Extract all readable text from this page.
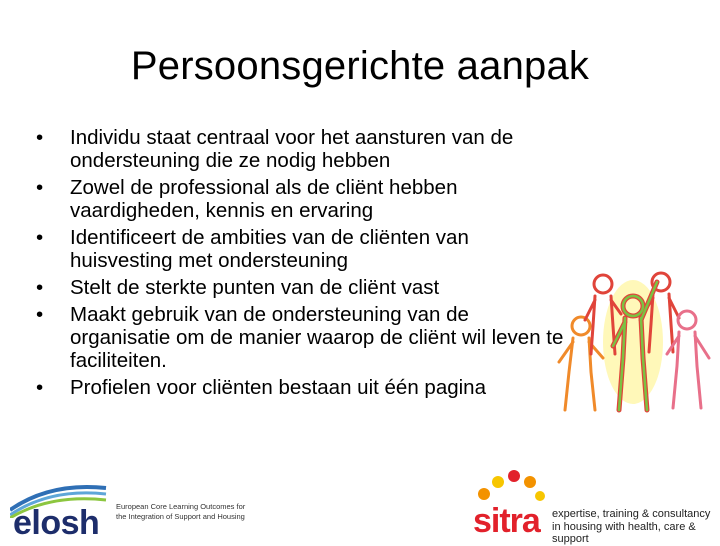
Persoonsgerichte aanpak
• Individu staat centraal voor het aansturen van de ondersteuning die ze nodig hebben
• Zowel de professional als de cliënt hebben vaardigheden, kennis en ervaring
• Identificeert de ambities van de cliënten van huisvesting met ondersteuning
• Stelt de sterkte punten van de cliënt vast
• Maakt gebruik van de ondersteuning van de organisatie om de manier waarop de cliënt wil leven te faciliteiten.
• Profielen voor cliënten bestaan uit één pagina
elosh European Core Learning Outcomes for the Integration of Support and Housing	sitra expertise, training & consultancy in housing with health, care & support
